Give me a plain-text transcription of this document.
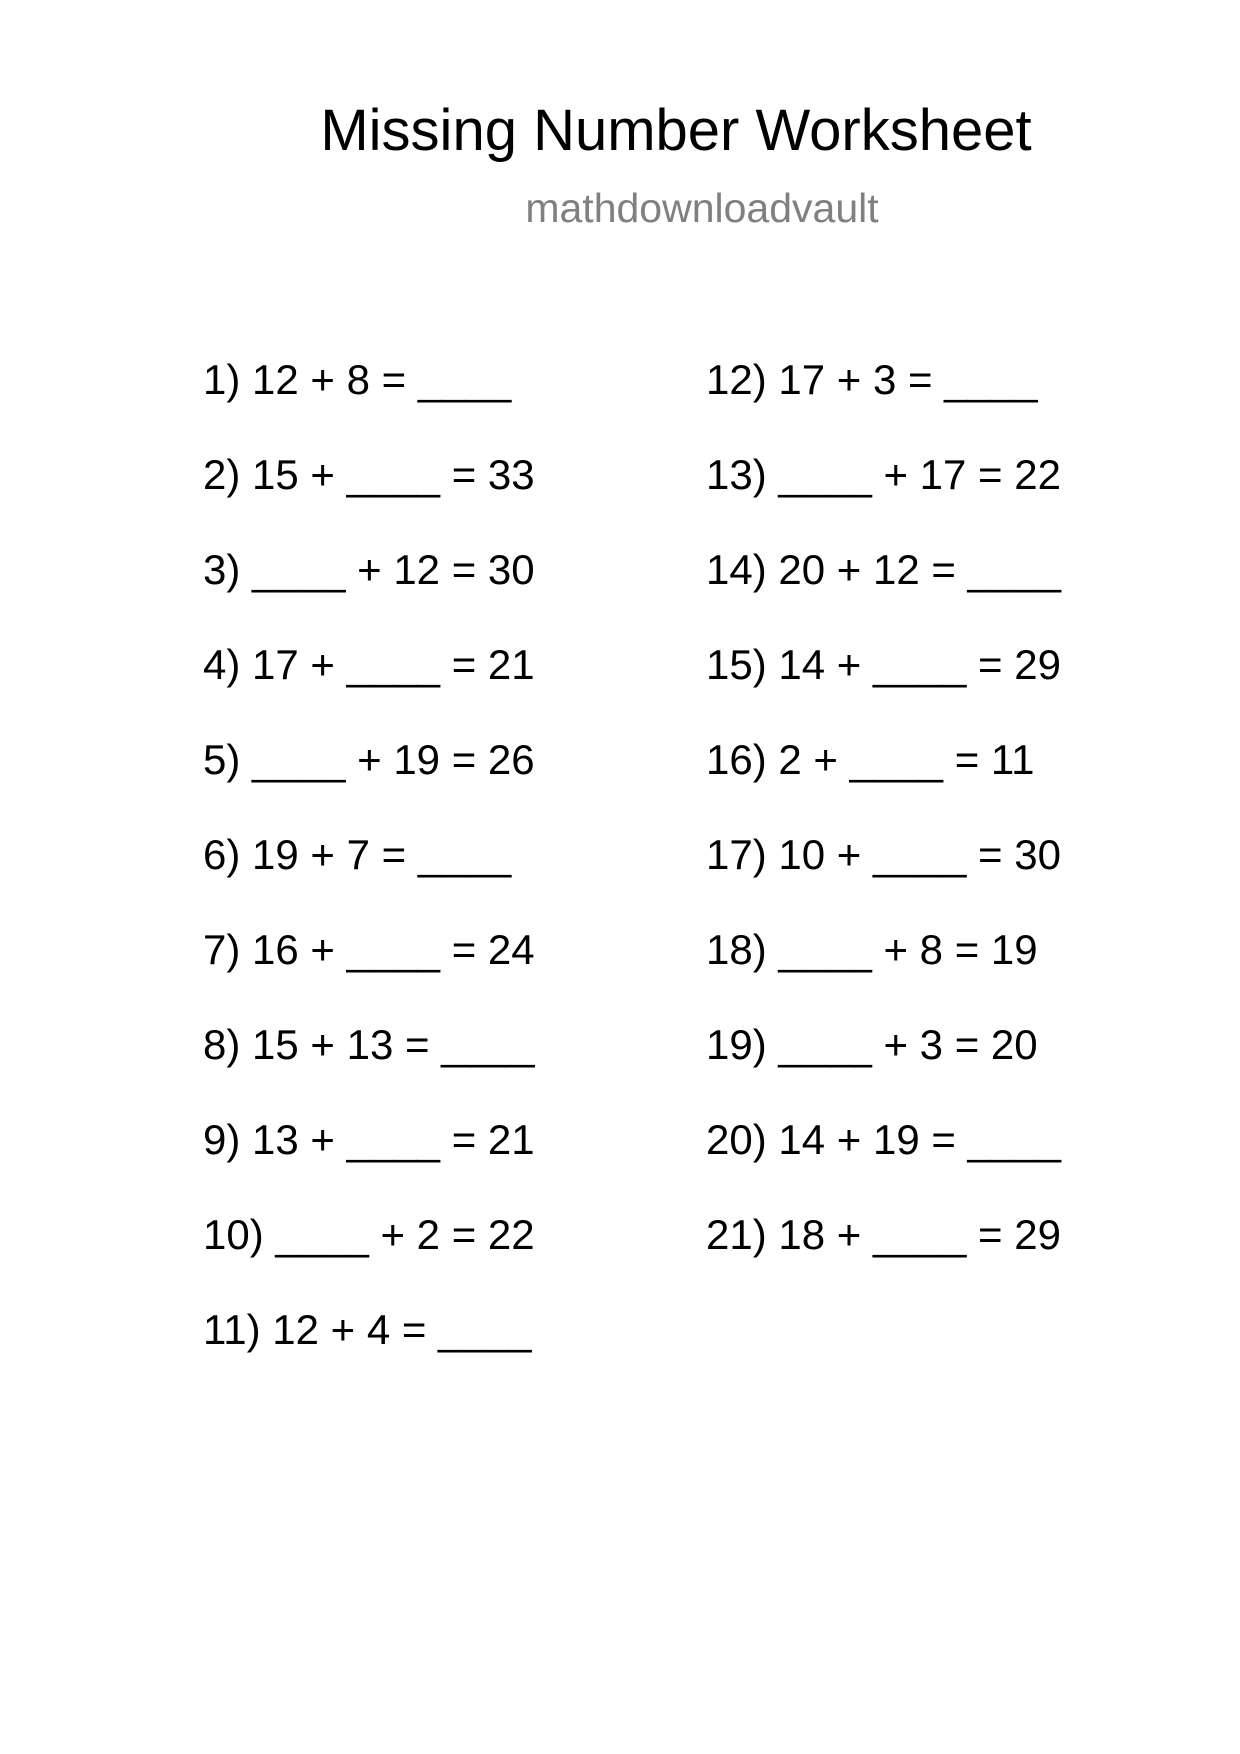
Missing Number Worksheet
mathdownloadvault
1) 12 + 8 = ____
2) 15 + ____ = 33
3) ____ + 12 = 30
4) 17 + ____ = 21
5) ____ + 19 = 26
6) 19 + 7 = ____
7) 16 + ____ = 24
8) 15 + 13 = ____
9) 13 + ____ = 21
10) ____ + 2 = 22
11) 12 + 4 = ____
12) 17 + 3 = ____
13) ____ + 17 = 22
14) 20 + 12 = ____
15) 14 + ____ = 29
16) 2 + ____ = 11
17) 10 + ____ = 30
18) ____ + 8 = 19
19) ____ + 3 = 20
20) 14 + 19 = ____
21) 18 + ____ = 29
